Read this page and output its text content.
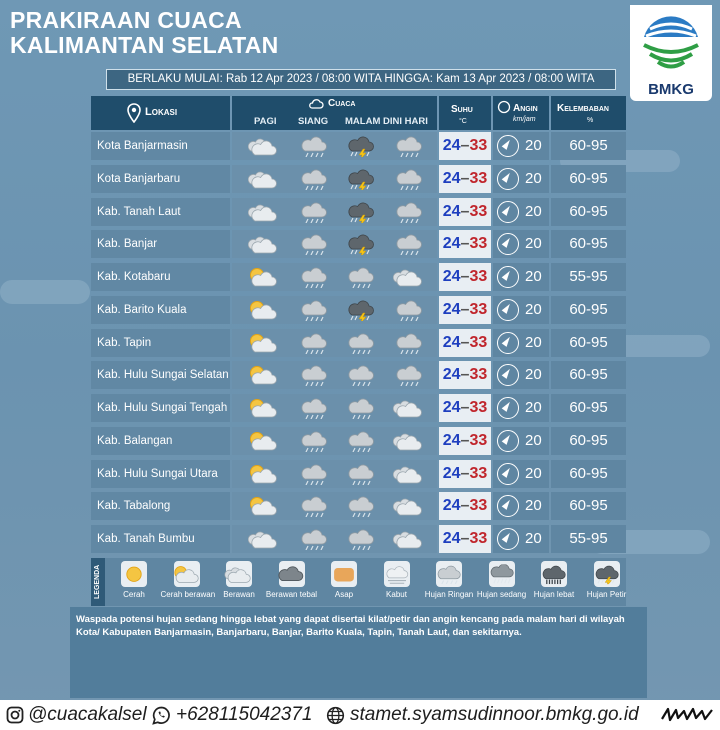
PRAKIRAAN CUACA
KALIMANTAN SELATAN
BMKG
BERLAKU MULAI: Rab 12 Apr 2023 / 08:00 WITA HINGGA: Kam 13 Apr 2023 / 08:00 WITA
Lokasi
Cuaca
PAGI SIANG MALAM DINI HARI
Suhu
°C
Angin
km/jam
Kelembaban
%
Kota Banjarmasin	24–33	20	60-95
Kota Banjarbaru	24–33	20	60-95
Kab. Tanah Laut	24–33	20	60-95
Kab. Banjar	24–33	20	60-95
Kab. Kotabaru	24–33	20	55-95
Kab. Barito Kuala	24–33	20	60-95
Kab. Tapin	24–33	20	60-95
Kab. Hulu Sungai Selatan	24–33	20	60-95
Kab. Hulu Sungai Tengah	24–33	20	60-95
Kab. Balangan	24–33	20	60-95
Kab. Hulu Sungai Utara	24–33	20	60-95
Kab. Tabalong	24–33	20	60-95
Kab. Tanah Bumbu	24–33	20	55-95
LEGENDA	Cerah	Cerah berawan	Berawan	Berawan tebal	Asap	Kabut	Hujan Ringan Hujan sedang Hujan lebat	Hujan Petir
Waspada potensi hujan sedang hingga lebat yang dapat disertai kilat/petir dan angin kencang pada malam hari di wilayah Kota/ Kabupaten Banjarmasin, Banjarbaru, Banjar, Barito Kuala, Tapin, Tanah Laut, dan sekitarnya.
@cuacakalsel +628115042371 stamet.syamsudinnoor.bmkg.go.id
